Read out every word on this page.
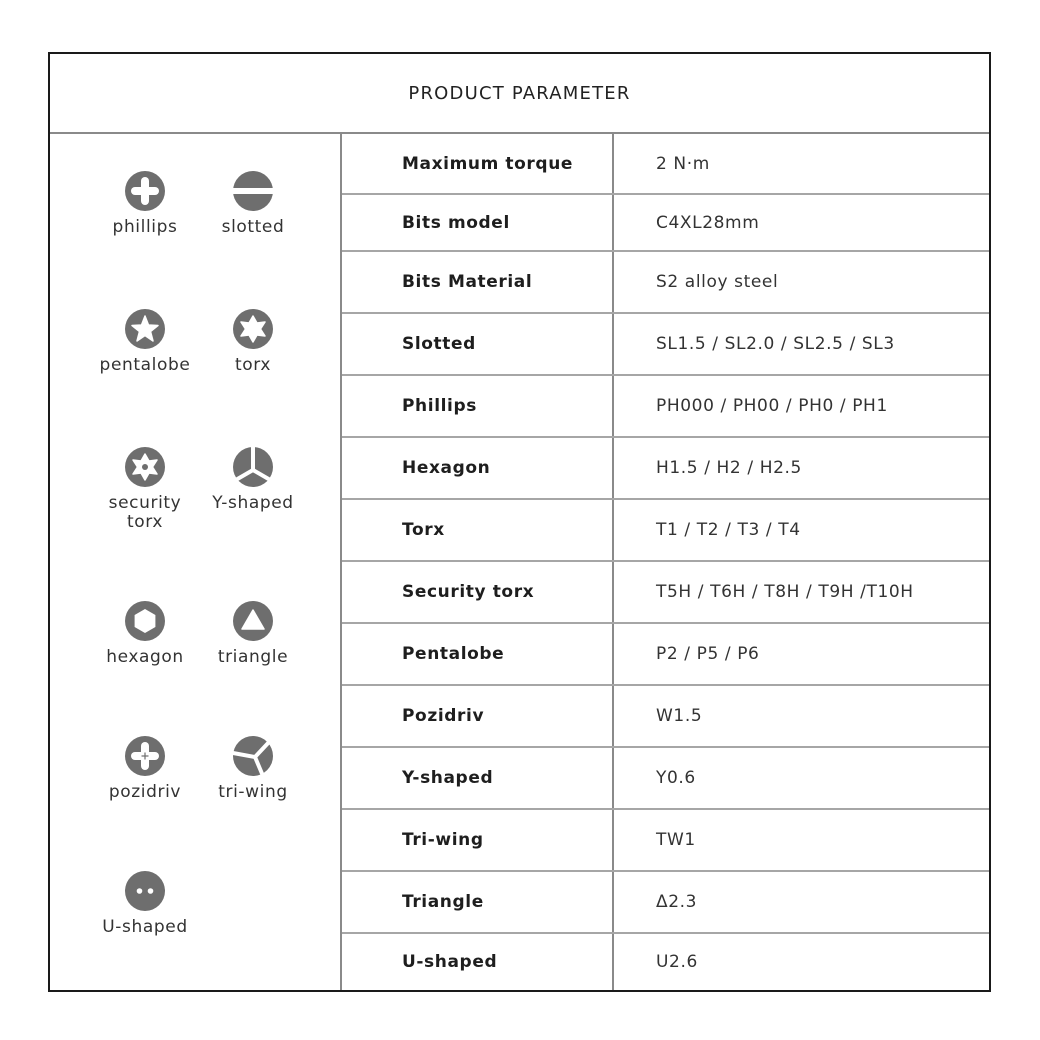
PRODUCT PARAMETER
phillips	slotted
pentalobe	torx
security torx
Y-shaped
hexagon	triangle
pozidriv	tri-wing
U-shaped
Maximum torque	2 N·m
Bits model	C4XL28mm
Bits Material	S2 alloy steel
Slotted	SL1.5 / SL2.0 / SL2.5 / SL3
Phillips	PH000 / PH00 / PH0 / PH1
Hexagon	H1.5 / H2 / H2.5
Torx	T1 / T2 / T3 / T4
Security torx	T5H / T6H / T8H / T9H /T10H
Pentalobe	P2 / P5 / P6
Pozidriv	W1.5
Y-shaped	Y0.6
Tri-wing	TW1
Triangle	Δ2.3
U-shaped	U2.6
